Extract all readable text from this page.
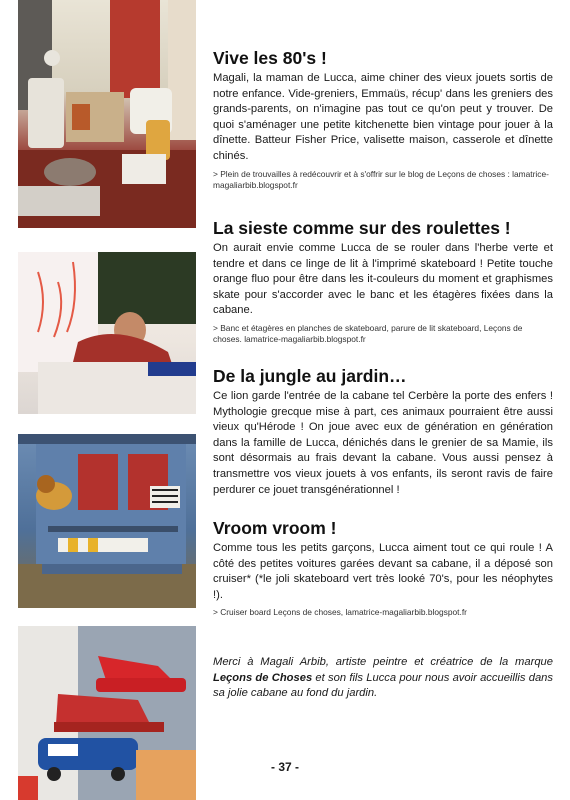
Vive les 80's !

Magali, la maman de Lucca, aime chiner des vieux jouets sortis de notre enfance. Vide-greniers, Emmaüs, récup' dans les greniers des grands-parents, on n'imagine pas tout ce qu'on peut y trouver. De quoi s'aménager une petite kitchenette bien vintage pour jouer à la dînette. Batteur Fisher Price, valisette maison, casserole et dînette chinés.

> Plein de trouvailles à redécouvrir et à s'offrir sur le blog de Leçons de choses : lamatrice-magaliarbib.blogspot.fr

La sieste comme sur des roulettes !

On aurait envie comme Lucca de se rouler dans l'herbe verte et tendre et dans ce linge de lit à l'imprimé skateboard ! Petite touche orange fluo pour être dans les it-couleurs du moment et graphismes skate pour s'accorder avec le banc et les étagères fixées dans la cabane.

> Banc et étagères en planches de skateboard, parure de lit skateboard, Leçons de choses. lamatrice-magaliarbib.blogspot.fr

De la jungle au jardin…

Ce lion garde l'entrée de la cabane tel Cerbère la porte des enfers ! Mythologie grecque mise à part, ces animaux pourraient être aussi vieux qu'Hérode ! On joue avec eux de génération en génération dans la famille de Lucca, dénichés dans le grenier de sa Mamie, ils sont désormais au frais devant la cabane. Vous aussi pensez à transmettre vos vieux jouets à vos enfants, ils seront ravis de faire perdurer ce jouet transgénérationnel !

Vroom vroom !

Comme tous les petits garçons, Lucca aiment tout ce qui roule ! A côté des petites voitures garées devant sa cabane, il a déposé son cruiser* (*le joli skateboard vert très looké 70's, pour les néophytes !).

> Cruiser board Leçons de choses, lamatrice-magaliarbib.blogspot.fr

Merci à Magali Arbib, artiste peintre et créatrice de la marque Leçons de Choses et son fils Lucca pour nous avoir accueillis dans sa jolie cabane au fond du jardin.
- 37 -
